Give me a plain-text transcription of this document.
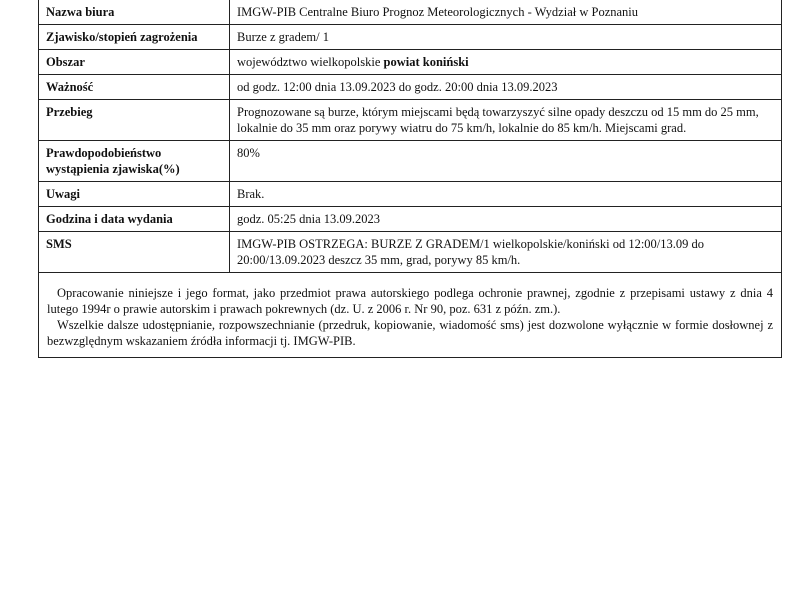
Nazwa biura	IMGW-PIB Centralne Biuro Prognoz Meteorologicznych - Wydział w Poznaniu
Zjawisko/stopień zagrożenia	Burze z gradem/ 1
Obszar	województwo wielkopolskie powiat koniński
Ważność	od godz. 12:00 dnia 13.09.2023 do godz. 20:00 dnia 13.09.2023
Przebieg	Prognozowane są burze, którym miejscami będą towarzyszyć silne opady deszczu od 15 mm do 25 mm, lokalnie do 35 mm oraz porywy wiatru do 75 km/h, lokalnie do 85 km/h. Miejscami grad.
Prawdopodobieństwo wystąpienia zjawiska(%)	80%
Uwagi	Brak.
Godzina i data wydania	godz. 05:25 dnia 13.09.2023
SMS	IMGW-PIB OSTRZEGA: BURZE Z GRADEM/1 wielkopolskie/koniński od 12:00/13.09 do 20:00/13.09.2023 deszcz 35 mm, grad, porywy 85 km/h.

Opracowanie niniejsze i jego format, jako przedmiot prawa autorskiego podlega ochronie prawnej, zgodnie z przepisami ustawy z dnia 4 lutego 1994r o prawie autorskim i prawach pokrewnych (dz. U. z 2006 r. Nr 90, poz. 631 z późn. zm.).

Wszelkie dalsze udostępnianie, rozpowszechnianie (przedruk, kopiowanie, wiadomość sms) jest dozwolone wyłącznie w formie dosłownej z bezwzględnym wskazaniem źródła informacji tj. IMGW-PIB.
